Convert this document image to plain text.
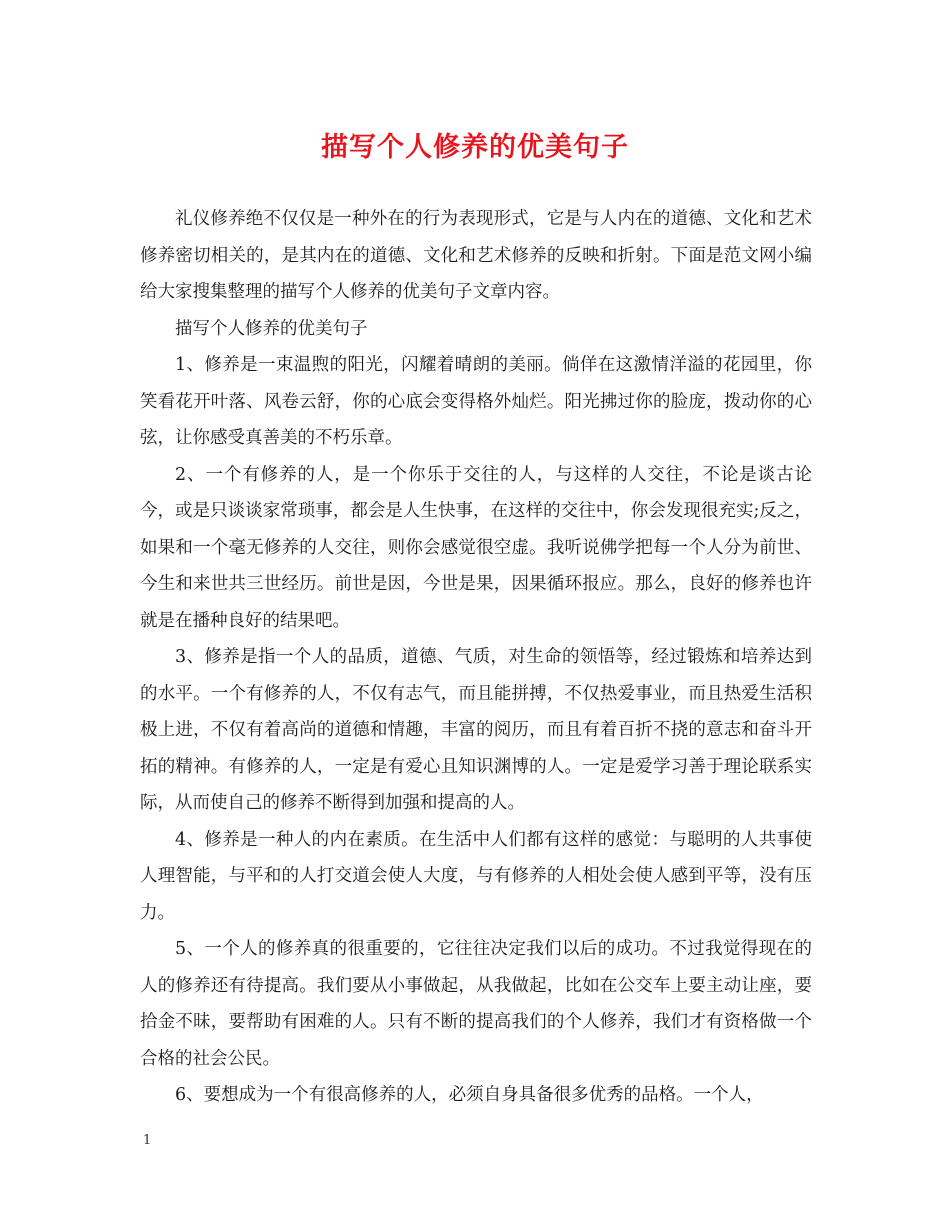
描写个人修养的优美句子

礼仪修养绝不仅仅是一种外在的行为表现形式，它是与人内在的道德、文化和艺术修养密切相关的，是其内在的道德、文化和艺术修养的反映和折射。下面是范文网小编给大家搜集整理的描写个人修养的优美句子文章内容。

描写个人修养的优美句子

1、修养是一束温煦的阳光，闪耀着晴朗的美丽。倘佯在这激情洋溢的花园里，你笑看花开叶落、风卷云舒，你的心底会变得格外灿烂。阳光拂过你的脸庞，拨动你的心弦，让你感受真善美的不朽乐章。

2、一个有修养的人，是一个你乐于交往的人，与这样的人交往，不论是谈古论今，或是只谈谈家常琐事，都会是人生快事，在这样的交往中，你会发现很充实;反之，如果和一个毫无修养的人交往，则你会感觉很空虚。我听说佛学把每一个人分为前世、今生和来世共三世经历。前世是因，今世是果，因果循环报应。那么，良好的修养也许就是在播种良好的结果吧。

3、修养是指一个人的品质，道德、气质，对生命的领悟等，经过锻炼和培养达到的水平。一个有修养的人，不仅有志气，而且能拼搏，不仅热爱事业，而且热爱生活积极上进，不仅有着高尚的道德和情趣，丰富的阅历，而且有着百折不挠的意志和奋斗开拓的精神。有修养的人，一定是有爱心且知识渊博的人。一定是爱学习善于理论联系实际，从而使自己的修养不断得到加强和提高的人。

4、修养是一种人的内在素质。在生活中人们都有这样的感觉：与聪明的人共事使人理智能，与平和的人打交道会使人大度，与有修养的人相处会使人感到平等，没有压力。

5、一个人的修养真的很重要的，它往往决定我们以后的成功。不过我觉得现在的人的修养还有待提高。我们要从小事做起，从我做起，比如在公交车上要主动让座，要拾金不昧，要帮助有困难的人。只有不断的提高我们的个人修养，我们才有资格做一个合格的社会公民。

6、要想成为一个有很高修养的人，必须自身具备很多优秀的品格。一个人，

1
